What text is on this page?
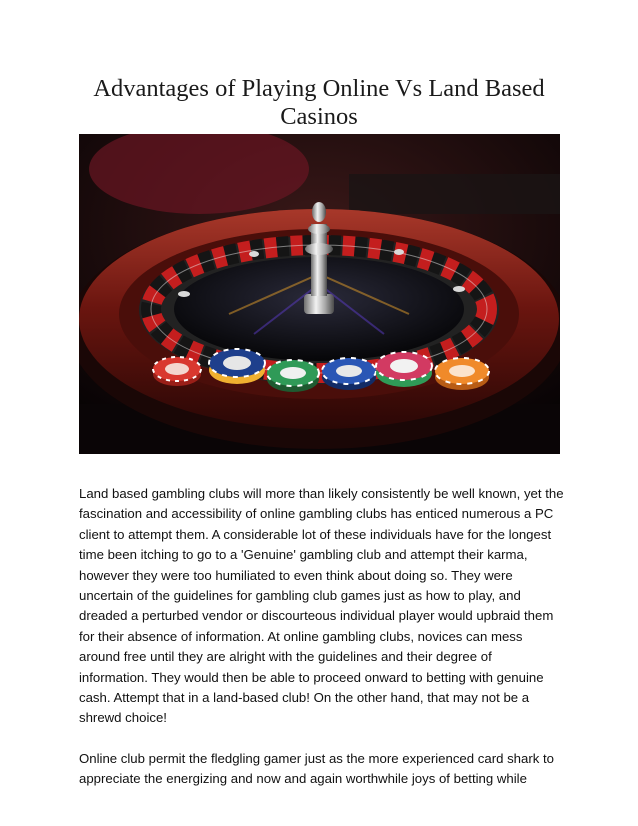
Advantages of Playing Online Vs Land Based Casinos

Land based gambling clubs will more than likely consistently be well known, yet the fascination and accessibility of online gambling clubs has enticed numerous a PC client to attempt them. A considerable lot of these individuals have for the longest time been itching to go to a 'Genuine' gambling club and attempt their karma, however they were too humiliated to even think about doing so. They were uncertain of the guidelines for gambling club games just as how to play, and dreaded a perturbed vendor or discourteous individual player would upbraid them for their absence of information. At online gambling clubs, novices can mess around free until they are alright with the guidelines and their degree of information. They would then be able to proceed onward to betting with genuine cash. Attempt that in a land-based club! On the other hand, that may not be a shrewd choice!

Online club permit the fledgling gamer just as the more experienced card shark to appreciate the energizing and now and again worthwhile joys of betting while
